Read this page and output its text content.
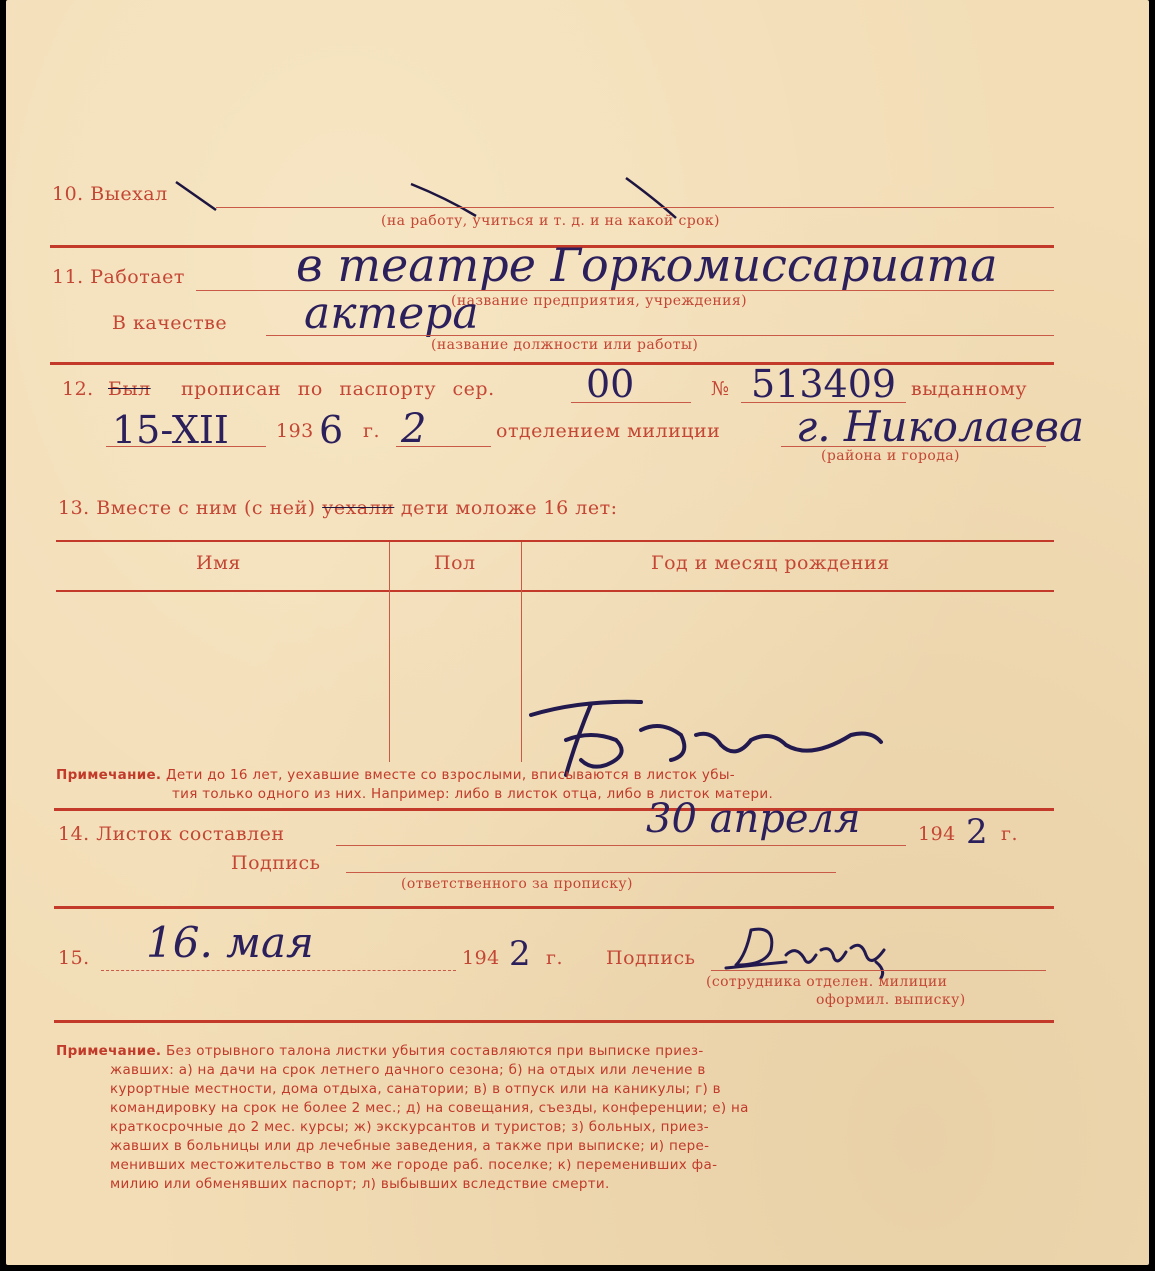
10. Выехал
(на работу, учиться и т. д. и на какой срок)
11. Работает в театре Горкомиссариата
(название предприятия, учреждения)
В качестве актера
(название должности или работы)
12. Был прописан по паспорту сер. 00	№ 513409 выданному
15-XII 193 6 г. 2	отделением милиции г. Николаева
(района и города)
13. Вместе с ним (с ней) уехали дети моложе 16 лет:
Имя	Пол	Год и месяц рождения
Примечание. Дети до 16 лет, уехавшие вместе со взрослыми, вписываются в листок убы-
тия только одного из них. Например: либо в листок отца, либо в листок матери.
14. Листок составлен	30 апреля	194 2 г.
Подпись
(ответственного за прописку)
15. 16. мая	194 2 г. Подпись
(сотрудника отделен. милиции
оформил. выписку)
Примечание. Без отрывного талона листки убытия составляются при выписке приез-
жавших: а) на дачи на срок летнего дачного сезона; б) на отдых или лечение в
курортные местности, дома отдыха, санатории; в) в отпуск или на каникулы; г) в
командировку на срок не более 2 мес.; д) на совещания, съезды, конференции; е) на
краткосрочные до 2 мес. курсы; ж) экскурсантов и туристов; з) больных, приез-
жавших в больницы или др лечебные заведения, а также при выписке; и) пере-
менивших местожительство в том же городе раб. поселке; к) переменивших фа-
милию или обменявших паспорт; л) выбывших вследствие смерти.
